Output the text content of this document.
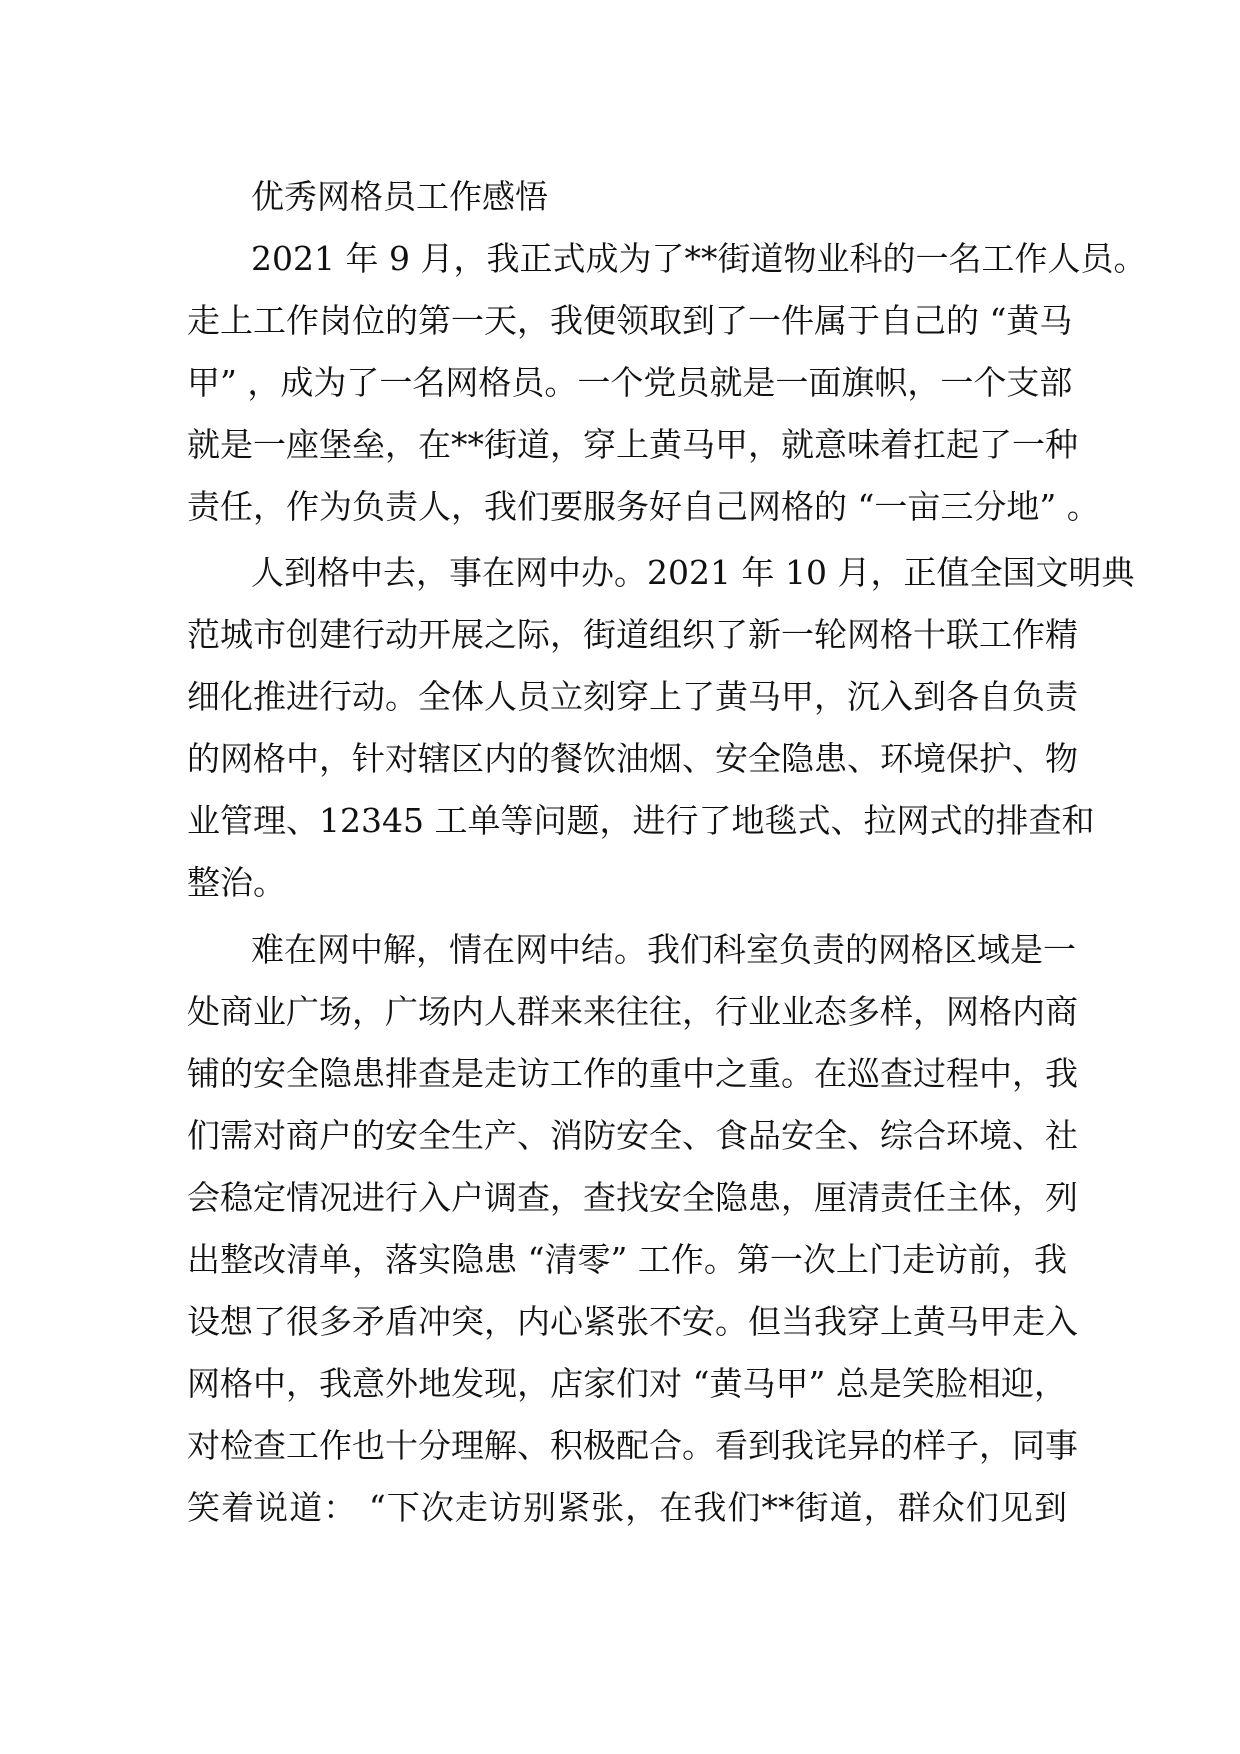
优秀网格员工作感悟
2021 年 9 月，我正式成为了**街道物业科的一名工作人员。
走上工作岗位的第一天，我便领取到了一件属于自己的 “黄马
甲” ，成为了一名网格员。一个党员就是一面旗帜，一个支部
就是一座堡垒，在**街道，穿上黄马甲，就意味着扛起了一种
责任，作为负责人，我们要服务好自己网格的 “一亩三分地” 。
人到格中去，事在网中办。2021 年 10 月，正值全国文明典
范城市创建行动开展之际，街道组织了新一轮网格十联工作精
细化推进行动。全体人员立刻穿上了黄马甲，沉入到各自负责
的网格中，针对辖区内的餐饮油烟、安全隐患、环境保护、物
业管理、12345 工单等问题，进行了地毯式、拉网式的排查和
整治。
难在网中解，情在网中结。我们科室负责的网格区域是一
处商业广场，广场内人群来来往往，行业业态多样，网格内商
铺的安全隐患排查是走访工作的重中之重。在巡查过程中，我
们需对商户的安全生产、消防安全、食品安全、综合环境、社
会稳定情况进行入户调查，查找安全隐患，厘清责任主体，列
出整改清单，落实隐患 “清零” 工作。第一次上门走访前，我
设想了很多矛盾冲突，内心紧张不安。但当我穿上黄马甲走入
网格中，我意外地发现，店家们对 “黄马甲” 总是笑脸相迎，
对检查工作也十分理解、积极配合。看到我诧异的样子，同事
笑着说道： “下次走访别紧张，在我们**街道，群众们见到
